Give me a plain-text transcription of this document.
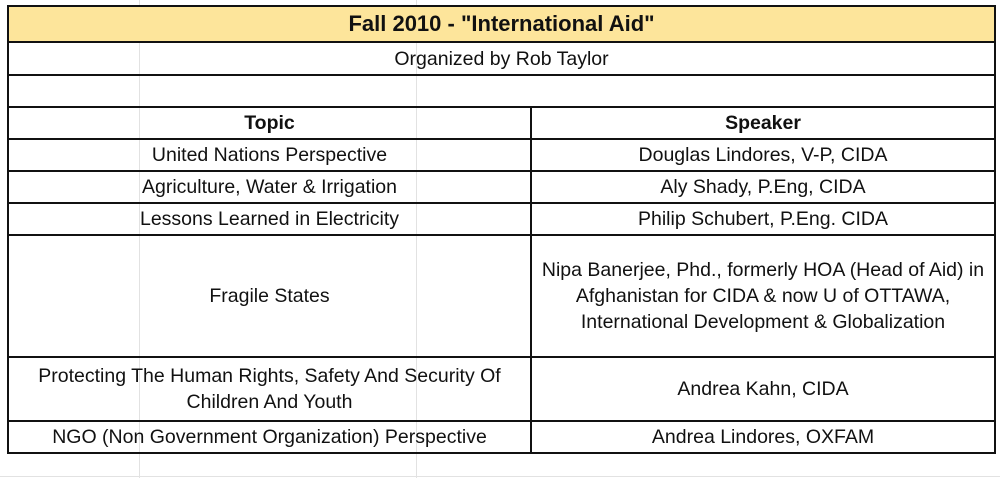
Fall 2010 - "International Aid"	
Organized by Rob Taylor	

Topic	Speaker
United Nations Perspective	Douglas Lindores, V-P, CIDA
Agriculture, Water & Irrigation	Aly Shady, P.Eng, CIDA
Lessons Learned in Electricity	Philip Schubert, P.Eng. CIDA
Fragile States	Nipa Banerjee, Phd., formerly HOA (Head of Aid) in Afghanistan for CIDA & now U of OTTAWA, International Development & Globalization
Protecting The Human Rights, Safety And Security Of Children And Youth	Andrea Kahn, CIDA
NGO (Non Government Organization) Perspective	Andrea Lindores, OXFAM
